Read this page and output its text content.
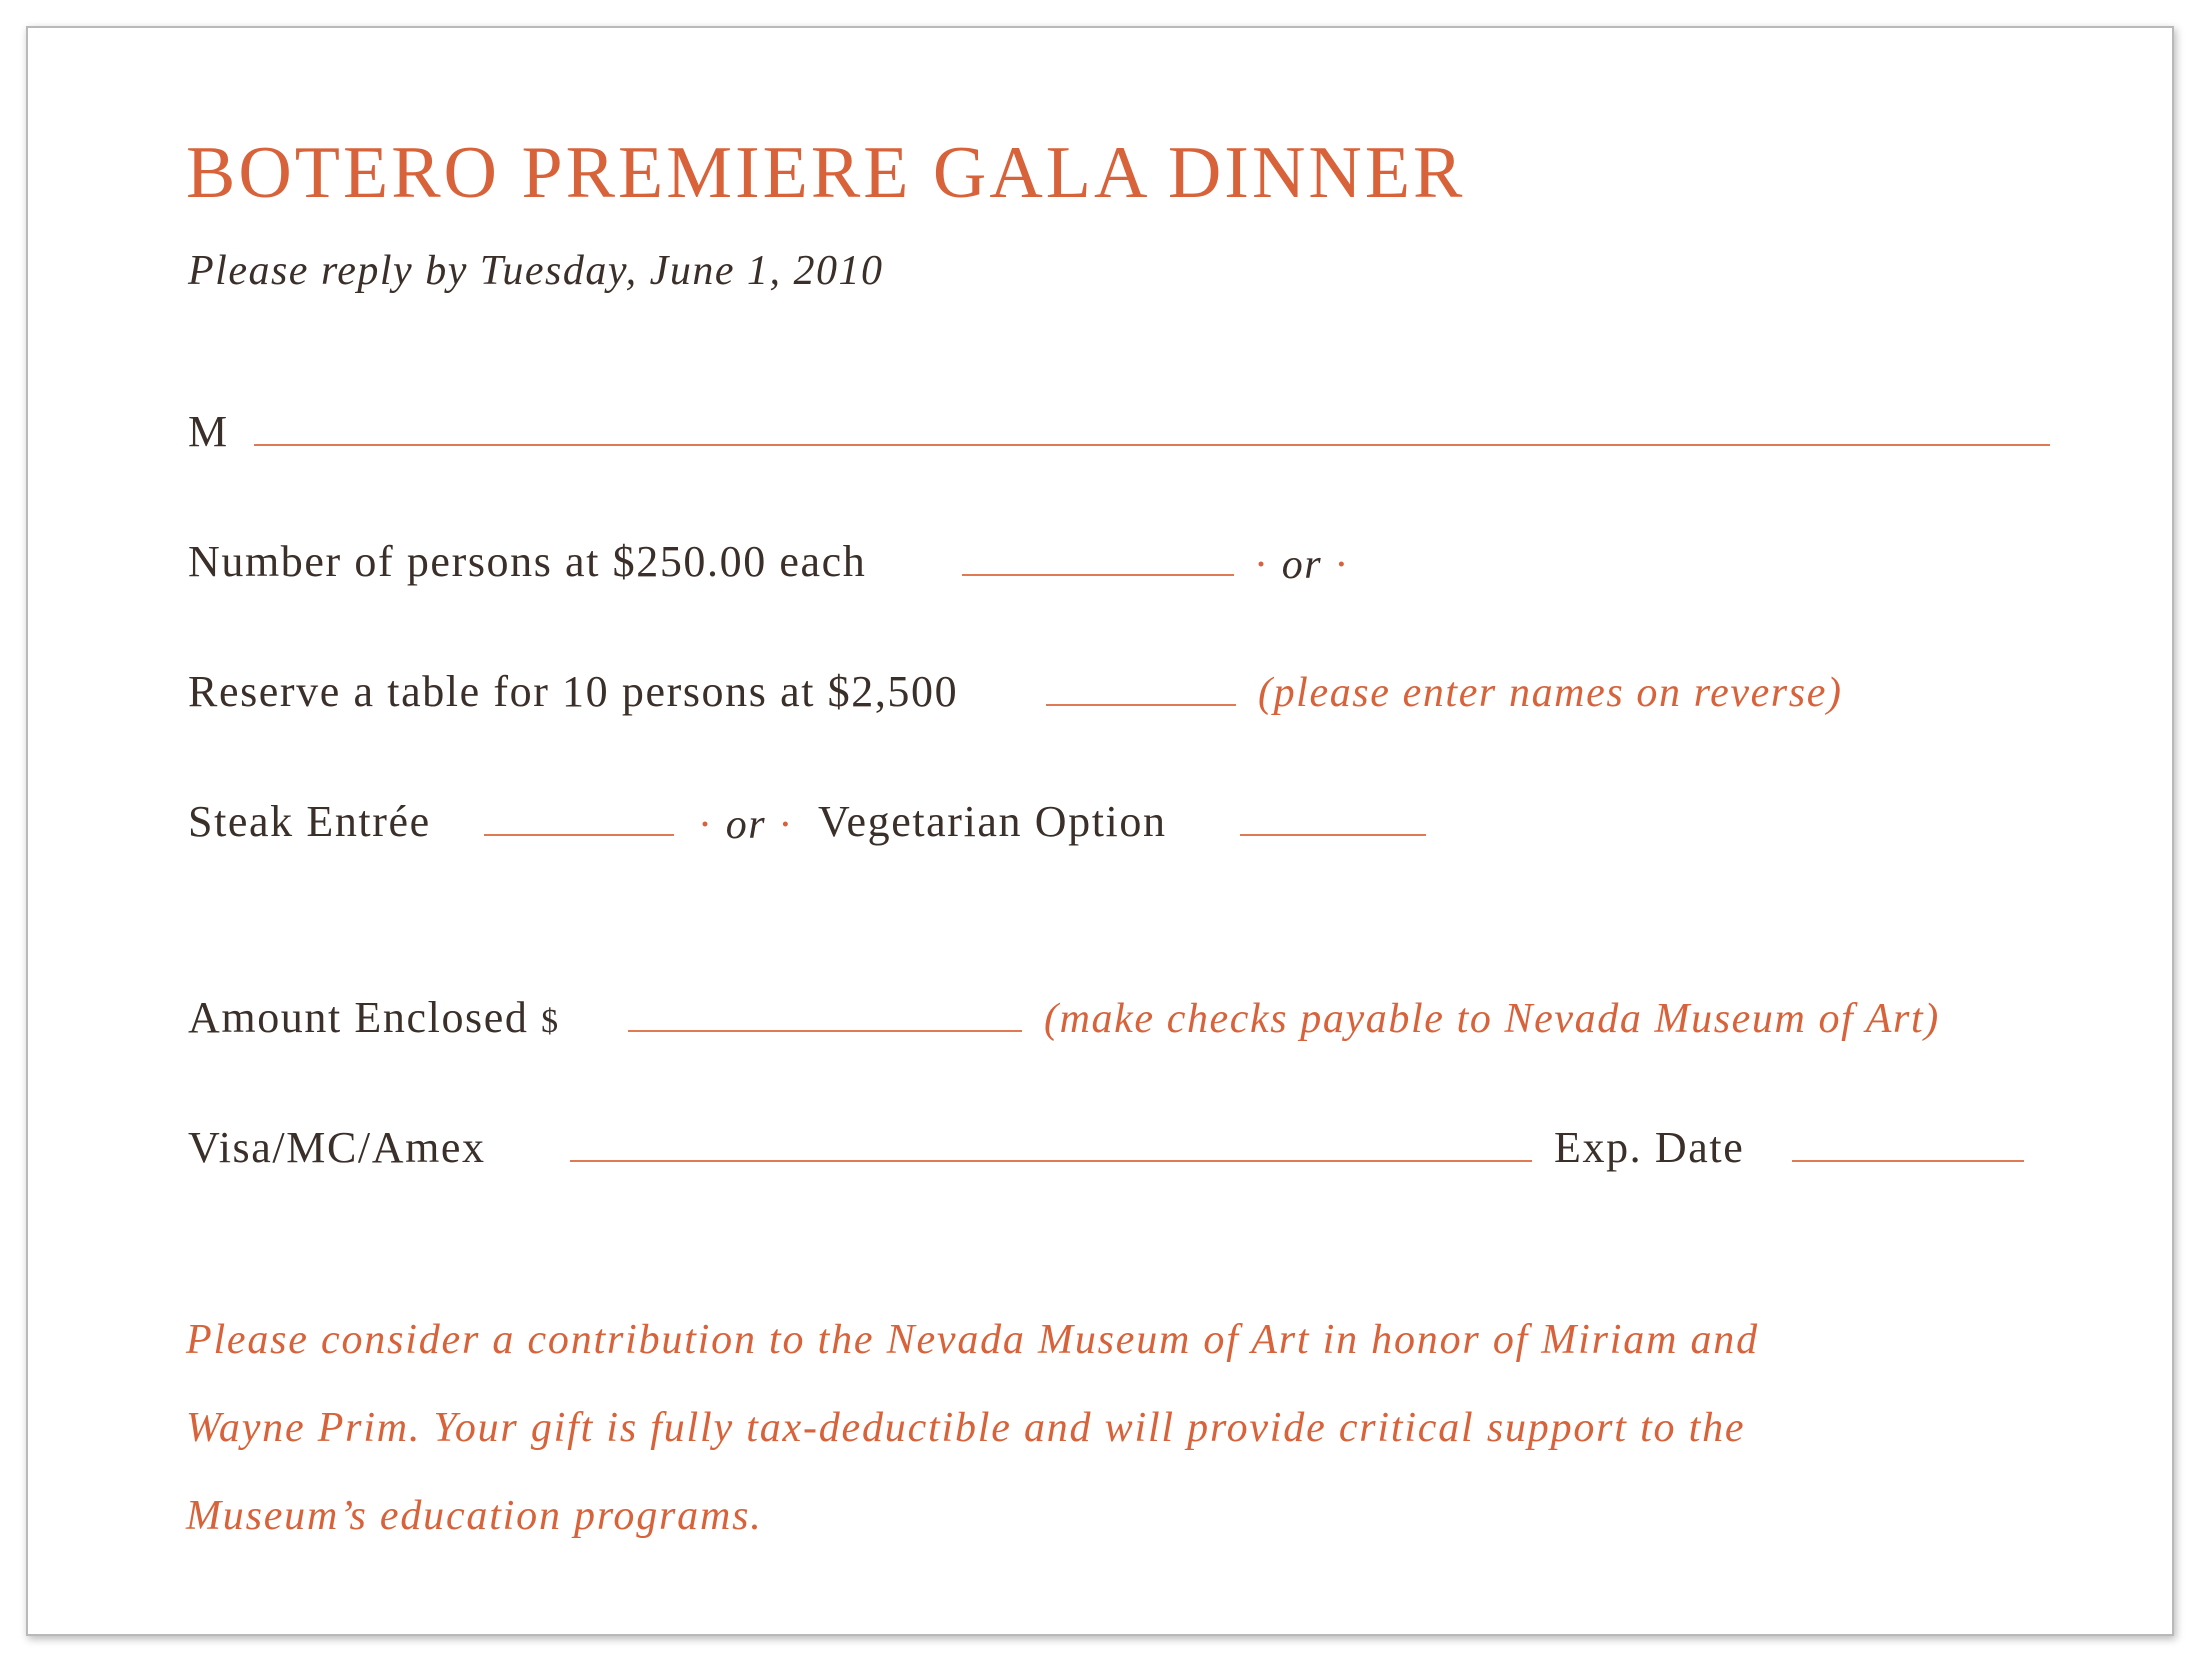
BOTERO PREMIERE GALA DINNER
Please reply by Tuesday, June 1, 2010
M
Number of persons at $250.00 each	· or ·
Reserve a table for 10 persons at $2,500	(please enter names on reverse)
Steak Entrée	· or · Vegetarian Option
Amount Enclosed $	(make checks payable to Nevada Museum of Art)
Visa/MC/Amex	Exp. Date
Please consider a contribution to the Nevada Museum of Art in honor of Miriam and
Wayne Prim. Your gift is fully tax-deductible and will provide critical support to the
Museum’s education programs.
